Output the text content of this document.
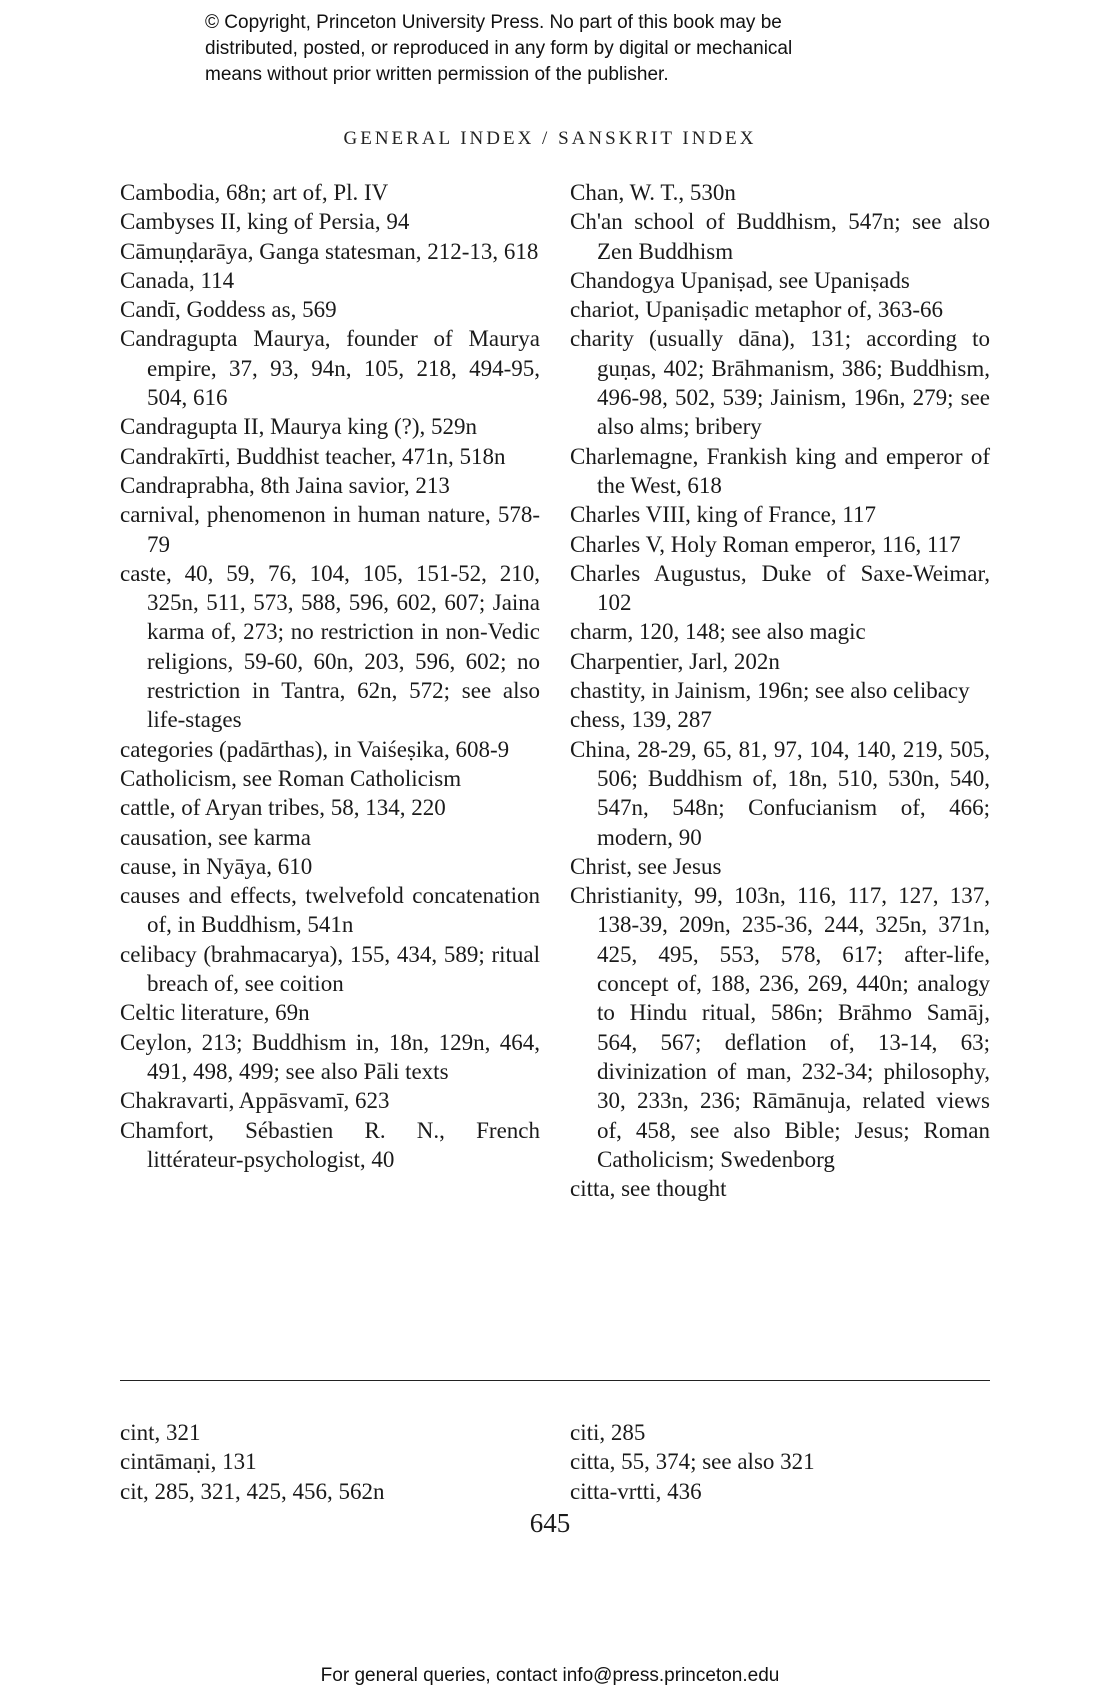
© Copyright, Princeton University Press. No part of this book may be
distributed, posted, or reproduced in any form by digital or mechanical
means without prior written permission of the publisher.
GENERAL INDEX / SANSKRIT INDEX
Cambodia, 68n; art of, Pl. IV
Cambyses II, king of Persia, 94
Cāmuṇḍarāya, Ganga statesman, 212-13, 618
Canada, 114
Candī, Goddess as, 569
Candragupta Maurya, founder of Maurya empire, 37, 93, 94n, 105, 218, 494-95, 504, 616
Candragupta II, Maurya king (?), 529n
Candrakīrti, Buddhist teacher, 471n, 518n
Candraprabha, 8th Jaina savior, 213
carnival, phenomenon in human nature, 578-79
caste, 40, 59, 76, 104, 105, 151-52, 210, 325n, 511, 573, 588, 596, 602, 607; Jaina karma of, 273; no restriction in non-Vedic religions, 59-60, 60n, 203, 596, 602; no restriction in Tantra, 62n, 572; see also life-stages
categories (padārthas), in Vaiśeṣika, 608-9
Catholicism, see Roman Catholicism
cattle, of Aryan tribes, 58, 134, 220
causation, see karma
cause, in Nyāya, 610
causes and effects, twelvefold concatenation of, in Buddhism, 541n
celibacy (brahmacarya), 155, 434, 589; ritual breach of, see coition
Celtic literature, 69n
Ceylon, 213; Buddhism in, 18n, 129n, 464, 491, 498, 499; see also Pāli texts
Chakravarti, Appāsvamī, 623
Chamfort, Sébastien R. N., French littérateur-psychologist, 40
Chan, W. T., 530n
Ch'an school of Buddhism, 547n; see also Zen Buddhism
Chandogya Upaniṣad, see Upaniṣads
chariot, Upaniṣadic metaphor of, 363-66
charity (usually dāna), 131; according to guṇas, 402; Brāhmanism, 386; Buddhism, 496-98, 502, 539; Jainism, 196n, 279; see also alms; bribery
Charlemagne, Frankish king and emperor of the West, 618
Charles VIII, king of France, 117
Charles V, Holy Roman emperor, 116, 117
Charles Augustus, Duke of Saxe-Weimar, 102
charm, 120, 148; see also magic
Charpentier, Jarl, 202n
chastity, in Jainism, 196n; see also celibacy
chess, 139, 287
China, 28-29, 65, 81, 97, 104, 140, 219, 505, 506; Buddhism of, 18n, 510, 530n, 540, 547n, 548n; Confucianism of, 466; modern, 90
Christ, see Jesus
Christianity, 99, 103n, 116, 117, 127, 137, 138-39, 209n, 235-36, 244, 325n, 371n, 425, 495, 553, 578, 617; after-life, concept of, 188, 236, 269, 440n; analogy to Hindu ritual, 586n; Brāhmo Samāj, 564, 567; deflation of, 13-14, 63; divinization of man, 232-34; philosophy, 30, 233n, 236; Rāmānuja, related views of, 458, see also Bible; Jesus; Roman Catholicism; Swedenborg
citta, see thought
cint, 321
cintāmaṇi, 131
cit, 285, 321, 425, 456, 562n
citi, 285
citta, 55, 374; see also 321
citta-vrtti, 436
645
For general queries, contact info@press.princeton.edu
